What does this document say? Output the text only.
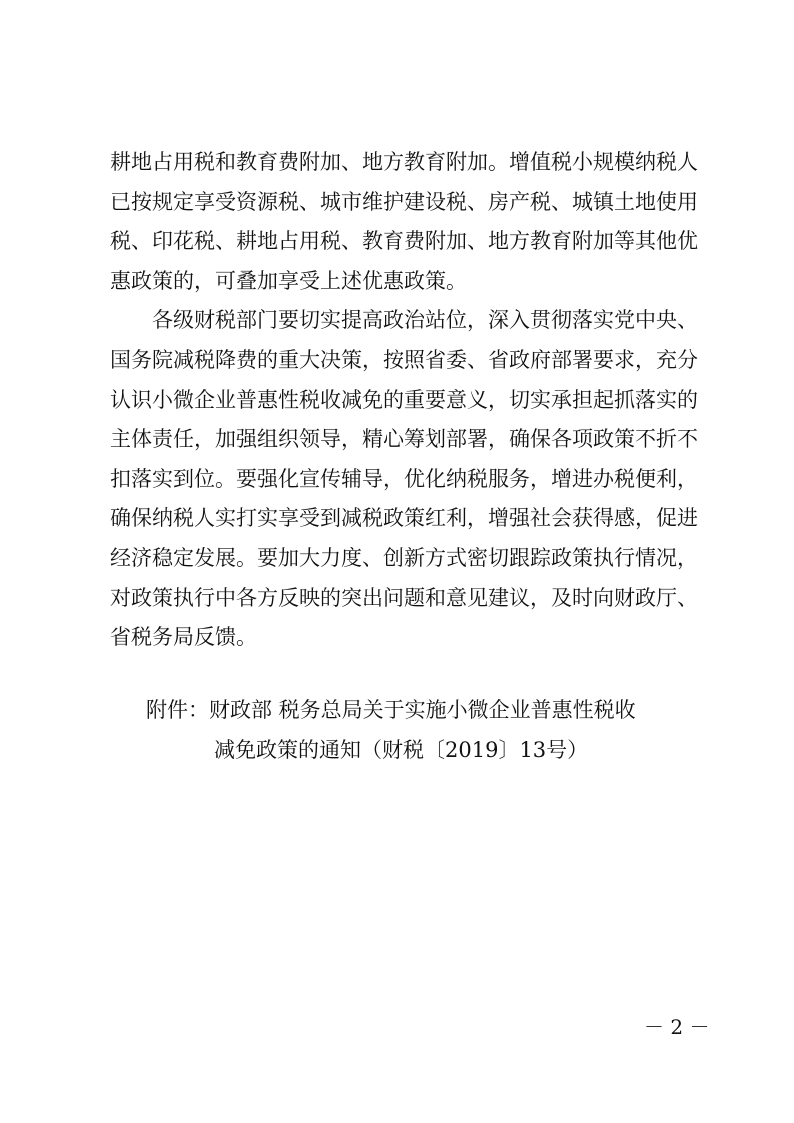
耕 地 占 用 税 和 教 育 费 附 加 、 地 方 教 育 附 加 。 增 值 税 小 规 模 纳 税 人
已 按 规 定 享 受 资 源 税 、 城 市 维 护 建 设 税 、 房 产 税 、 城 镇 土 地 使 用
税 、 印 花 税 、 耕 地 占 用 税 、 教 育 费 附 加 、 地 方 教 育 附 加 等 其 他 优
惠政策的，可叠加享受上述优惠政策。

各 级 财 税 部 门 要 切 实 提 高 政 治 站 位 ， 深 入 贯 彻 落 实 党 中 央 、
国 务 院 减 税 降 费 的 重 大 决 策 ， 按 照 省 委 、 省 政 府 部 署 要 求 ， 充 分
认 识 小 微 企 业 普 惠 性 税 收 减 免 的 重 要 意 义 ， 切 实 承 担 起 抓 落 实 的
主 体 责 任 ， 加 强 组 织 领 导 ， 精 心 筹 划 部 署 ， 确 保 各 项 政 策 不 折 不
扣 落 实 到 位 。 要 强 化 宣 传 辅 导 ， 优 化 纳 税 服 务 ， 增 进 办 税 便 利 ，
确 保 纳 税 人 实 打 实 享 受 到 减 税 政 策 红 利 ， 增 强 社 会 获 得 感 ， 促 进
经 济 稳 定 发 展 。 要 加 大 力 度 、 创 新 方 式 密 切 跟 踪 政 策 执 行 情 况 ，
对 政 策 执 行 中 各 方 反 映 的 突 出 问 题 和 意 见 建 议 ， 及 时 向 财 政 厅 、
省税务局反馈。
附件：财政部 税务总局关于实施小微企业普惠性税收
减免政策的通知（财税〔2019〕13号）
－ 2 －
